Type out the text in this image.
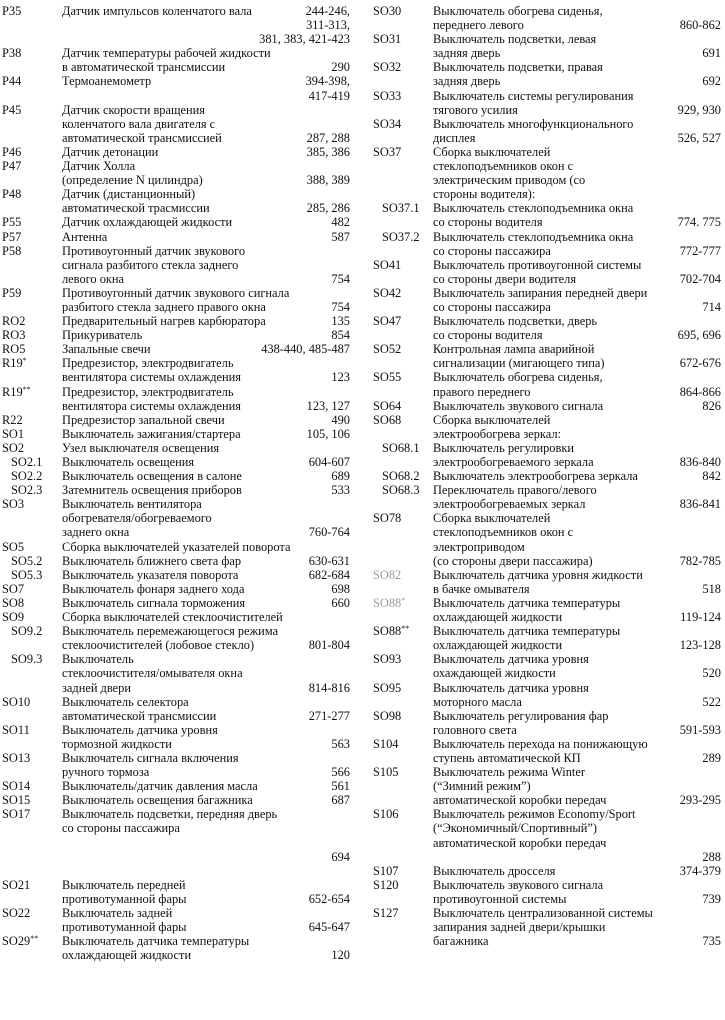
P35	Датчик импульсов коленчатого вала	244-246,
311-313,
381, 383, 421-423
P38	Датчик температуры рабочей жидкости
в автоматической трансмиссии	290
P44	Термоанемометр	394-398,
417-419
P45	Датчик скорости вращения
коленчатого вала двигателя с
автоматической трансмиссией	287, 288
P46	Датчик детонации	385, 386
P47	Датчик Холла
(определение N цилиндра)	388, 389
P48	Датчик (дистанционный)
автоматической трасмиссии	285, 286
P55	Датчик охлаждающей жидкости	482
P57	Антенна	587
P58	Противоугонный датчик звукового
сигнала разбитого стекла заднего
левого окна	754
P59	Противоугонный датчик звукового сигнала
разбитого стекла заднего правого окна	754
RO2	Предварительный нагрев карбюратора	135
RO3	Прикуриватель	854
RO5	Запальные свечи	438-440, 485-487
R19*	Предрезистор, электродвигатель
вентилятора системы охлаждения	123
R19**	Предрезистор, электродвигатель
вентилятора системы охлаждения	123, 127
R22	Предрезистор запальной свечи	490
SO1	Выключатель зажигания/стартера	105, 106
SO2	Узел выключателя освещения
SO2.1 Выключатель освещения	604-607
SO2.2 Выключатель освещения в салоне	689
SO2.3 Затемнитель освещения приборов	533
SO3	Выключатель вентилятора
обогревателя/обогреваемого
заднего окна	760-764
SO5	Сборка выключателей указателей поворота
SO5.2 Выключатель ближнего света фар	630-631
SO5.3 Выключатель указателя поворота	682-684
SO7	Выключатель фонаря заднего хода	698
SO8	Выключатель сигнала торможения	660
SO9	Сборка выключателей стеклоочистителей
SO9.2 Выключатель перемежающегося режима
стеклоочистителей (лобовое стекло)	801-804
SO9.3 Выключатель
стеклоочистителя/омывателя окна
задней двери	814-816
SO10	Выключатель селектора
автоматической трансмиссии	271-277
SO11	Выключатель датчика уровня
тормозной жидкости	563
SO13	Выключатель сигнала включения
ручного тормоза	566
SO14	Выключатель/датчик давления масла	561
SO15	Выключатель освещения багажника	687
SO17	Выключатель подсветки, передняя дверь
со стороны пассажира
694
SO21	Выключатель передней
противотуманной фары	652-654
SO22	Выключатель задней
противотуманной фары	645-647
SO29** Выключатель датчика температуры
охлаждающей жидкости	120
SO30	Выключатель обогрева сиденья,
переднего левого	860-862
SO31	Выключатель подсветки, левая
задняя дверь	691
SO32	Выключатель подсветки, правая
задняя дверь	692
SO33	Выключатель системы регулирования
тягового усилия	929, 930
SO34	Выключатель многофункционального
дисплея	526, 527
SO37	Сборка выключателей
стеклоподъемников окон с
электрическим приводом (со
стороны водителя):
SO37.1 Выключатель стеклоподъемника окна
со стороны водителя	774. 775
SO37.2 Выключатель стеклоподъемника окна
со стороны пассажира	772-777
SO41	Выключатель противоугонной системы
со стороны двери водителя	702-704
SO42	Выключатель запирания передней двери
со стороны пассажира	714
SO47	Выключатель подсветки, дверь
со стороны водителя	695, 696
SO52	Контрольная лампа аварийной
сигнализации (мигающего типа)	672-676
SO55	Выключатель обогрева сиденья,
правого переднего	864-866
SO64	Выключатель звукового сигнала	826
SO68	Сборка выключателей
электрообогрева зеркал:
SO68.1 Выключатель регулировки
электрообогреваемого зеркала	836-840
SO68.2 Выключатель электрообогрева зеркала	842
SO68.3 Переключатель правого/левого
электрообогреваемых зеркал	836-841
SO78	Сборка выключателей
стеклоподъемников окон с
электроприводом
(со стороны двери пассажира)	782-785
SO82	Выключатель датчика уровня жидкости
в бачке омывателя	518
SO88* Выключатель датчика температуры
охлаждающей жидкости	119-124
SO88** Выключатель датчика температуры
охлаждающей жидкости	123-128
SO93	Выключатель датчика уровня
охаждающей жидкости	520
SO95	Выключатель датчика уровня
моторного масла	522
SO98	Выключатель регулирования фар
головного света	591-593
S104	Выключатель перехода на понижающую
ступень автоматической КП	289
S105	Выключатель режима Winter
(“Зимний режим”)
автоматической коробки передач	293-295
S106	Выключатель режимов Economy/Sport
(“Экономичный/Спортивный”)
автоматической коробки передач
288
S107	Выключатель дросселя	374-379
S120	Выключатель звукового сигнала
противоугонной системы	739
S127	Выключатель централизованной системы
запирания задней двери/крышки
багажника	735
